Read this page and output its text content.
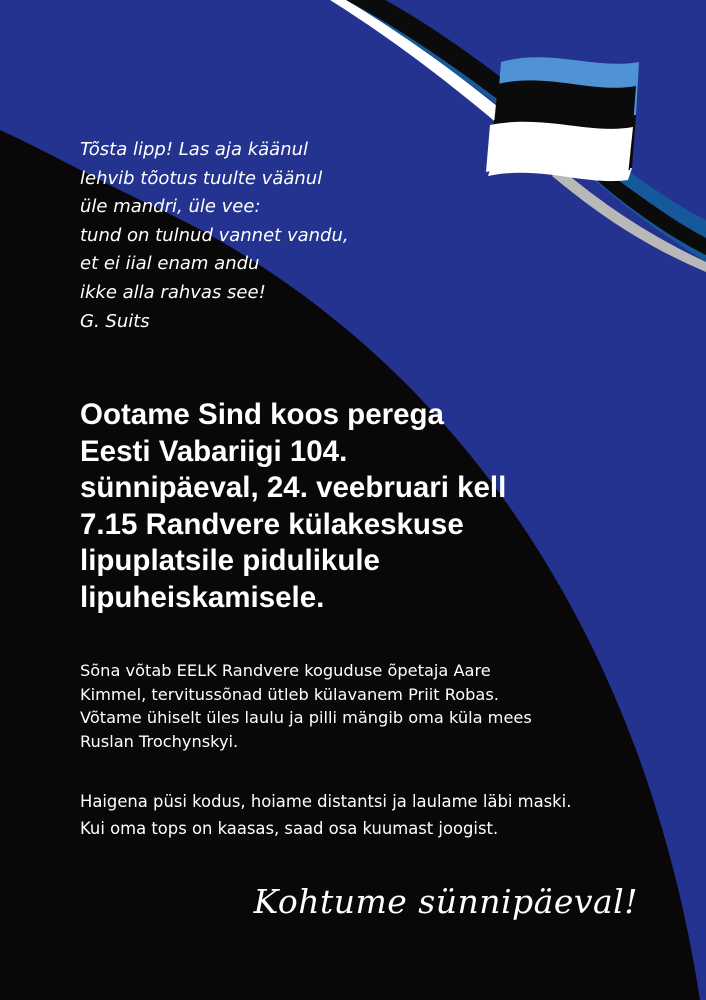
Tõsta lipp! Las aja käänul
lehvib tõotus tuulte väänul
üle mandri, üle vee:
tund on tulnud vannet vandu,
et ei iial enam andu
ikke alla rahvas see!
G. Suits
Ootame Sind koos perega
Eesti Vabariigi 104.
sünnipäeval, 24. veebruari kell
7.15 Randvere külakeskuse
lipuplatsile pidulikule
lipuheiskamisele.
Sõna võtab EELK Randvere koguduse õpetaja Aare
Kimmel, tervitussõnad ütleb külavanem Priit Robas.
Võtame ühiselt üles laulu ja pilli mängib oma küla mees
Ruslan Trochynskyi.
Haigena püsi kodus, hoiame distantsi ja laulame läbi maski.
Kui oma tops on kaasas, saad osa kuumast joogist.
Kohtume sünnipäeval!
